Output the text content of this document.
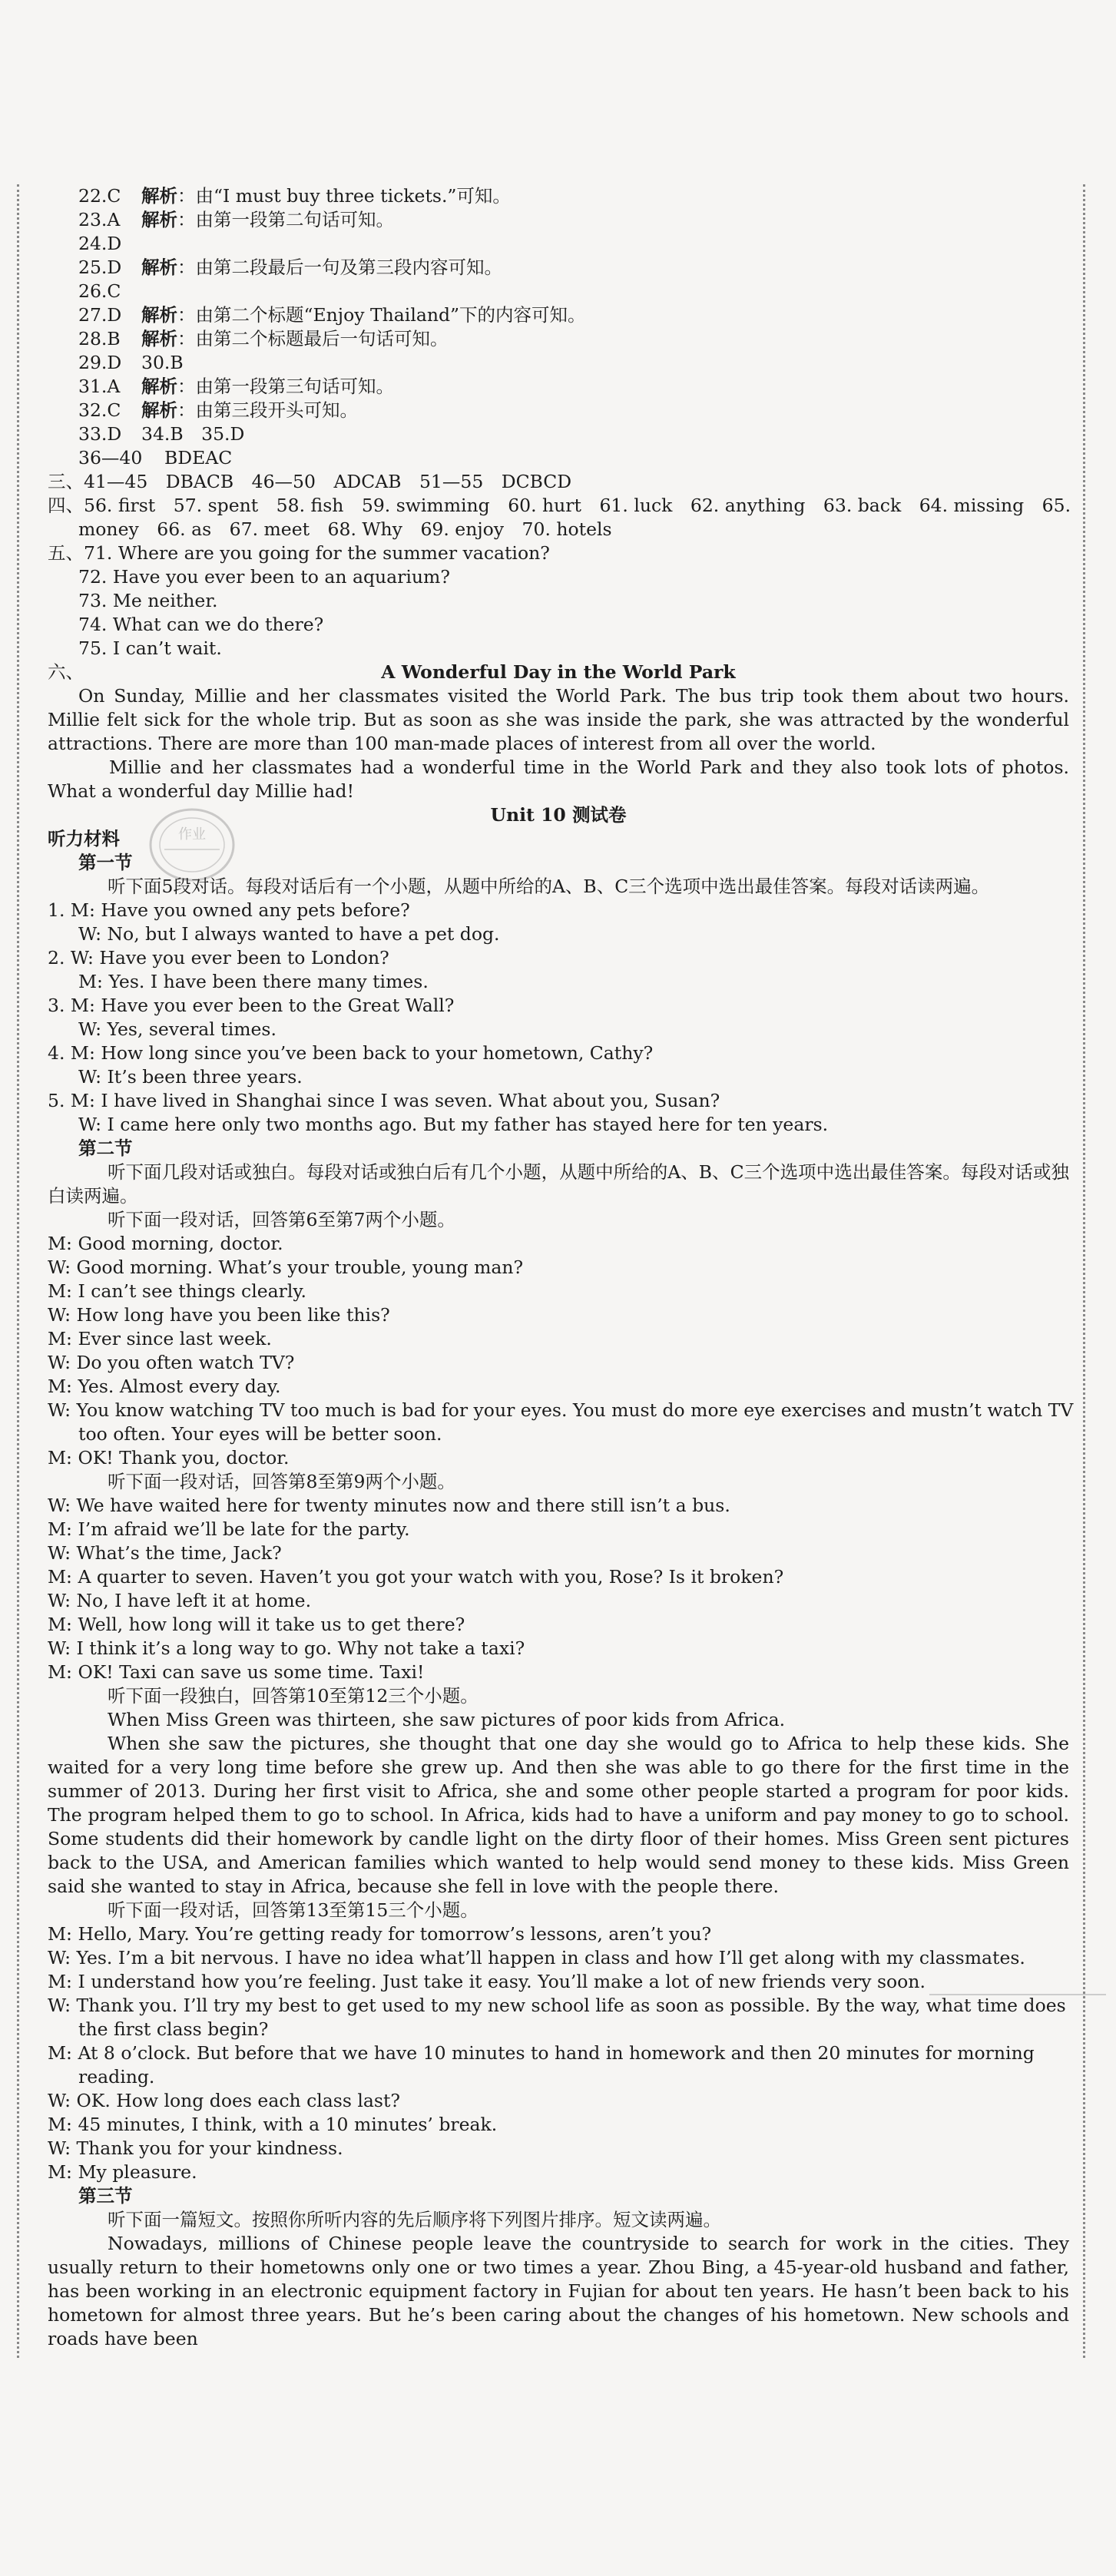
作业
22.C 解析：由“I must buy three tickets.”可知。
23.A 解析：由第一段第二句话可知。
24.D
25.D 解析：由第二段最后一句及第三段内容可知。
26.C
27.D 解析：由第二个标题“Enjoy Thailand”下的内容可知。
28.B 解析：由第二个标题最后一句话可知。
29.D 30.B
31.A 解析：由第一段第三句话可知。
32.C 解析：由第三段开头可知。
33.D 34.B　35.D
36—40 BDEAC
三、41—45　DBACB　46—50　ADCAB　51—55　DCBCD
四、56. first　57. spent　58. fish　59. swimming　60. hurt　61. luck　62. anything　63. back　64. missing　65.
money　66. as　67. meet　68. Why　69. enjoy　70. hotels
五、71. Where are you going for the summer vacation?
72. Have you ever been to an aquarium?
73. Me neither.
74. What can we do there?
75. I can’t wait.
六、	A Wonderful Day in the World Park
On Sunday, Millie and her classmates visited the World Park. The bus trip took them about two hours. Millie felt sick for the whole trip. But as soon as she was inside the park, she was attracted by the wonderful attractions. There are more than 100 man-made places of interest from all over the world.
Millie and her classmates had a wonderful time in the World Park and they also took lots of photos. What a wonderful day Millie had!
Unit 10 测试卷
听力材料
第一节
听下面5段对话。每段对话后有一个小题，从题中所给的A、B、C三个选项中选出最佳答案。每段对话读两遍。
1. M: Have you owned any pets before?
W: No, but I always wanted to have a pet dog.
2. W: Have you ever been to London?
M: Yes. I have been there many times.
3. M: Have you ever been to the Great Wall?
W: Yes, several times.
4. M: How long since you’ve been back to your hometown, Cathy?
W: It’s been three years.
5. M: I have lived in Shanghai since I was seven. What about you, Susan?
W: I came here only two months ago. But my father has stayed here for ten years.
第二节
听下面几段对话或独白。每段对话或独白后有几个小题，从题中所给的A、B、C三个选项中选出最佳答案。每段对话或独白读两遍。
听下面一段对话，回答第6至第7两个小题。
M: Good morning, doctor.
W: Good morning. What’s your trouble, young man?
M: I can’t see things clearly.
W: How long have you been like this?
M: Ever since last week.
W: Do you often watch TV?
M: Yes. Almost every day.
W: You know watching TV too much is bad for your eyes. You must do more eye exercises and mustn’t watch TV
too often. Your eyes will be better soon.
M: OK! Thank you, doctor.
听下面一段对话，回答第8至第9两个小题。
W: We have waited here for twenty minutes now and there still isn’t a bus.
M: I’m afraid we’ll be late for the party.
W: What’s the time, Jack?
M: A quarter to seven. Haven’t you got your watch with you, Rose? Is it broken?
W: No, I have left it at home.
M: Well, how long will it take us to get there?
W: I think it’s a long way to go. Why not take a taxi?
M: OK! Taxi can save us some time. Taxi!
听下面一段独白，回答第10至第12三个小题。
When Miss Green was thirteen, she saw pictures of poor kids from Africa.
When she saw the pictures, she thought that one day she would go to Africa to help these kids. She waited for a very long time before she grew up. And then she was able to go there for the first time in the summer of 2013. During her first visit to Africa, she and some other people started a program for poor kids. The program helped them to go to school. In Africa, kids had to have a uniform and pay money to go to school. Some students did their homework by candle light on the dirty floor of their homes. Miss Green sent pictures back to the USA, and American families which wanted to help would send money to these kids. Miss Green said she wanted to stay in Africa, because she fell in love with the people there.
听下面一段对话，回答第13至第15三个小题。
M: Hello, Mary. You’re getting ready for tomorrow’s lessons, aren’t you?
W: Yes. I’m a bit nervous. I have no idea what’ll happen in class and how I’ll get along with my classmates.
M: I understand how you’re feeling. Just take it easy. You’ll make a lot of new friends very soon.
W: Thank you. I’ll try my best to get used to my new school life as soon as possible. By the way, what time does
the first class begin?
M: At 8 o’clock. But before that we have 10 minutes to hand in homework and then 20 minutes for morning
reading.
W: OK. How long does each class last?
M: 45 minutes, I think, with a 10 minutes’ break.
W: Thank you for your kindness.
M: My pleasure.
第三节
听下面一篇短文。按照你所听内容的先后顺序将下列图片排序。短文读两遍。
Nowadays, millions of Chinese people leave the countryside to search for work in the cities. They usually return to their hometowns only one or two times a year. Zhou Bing, a 45-year-old husband and father, has been working in an electronic equipment factory in Fujian for about ten years. He hasn’t been back to his hometown for almost three years. But he’s been caring about the changes of his hometown. New schools and roads have been
